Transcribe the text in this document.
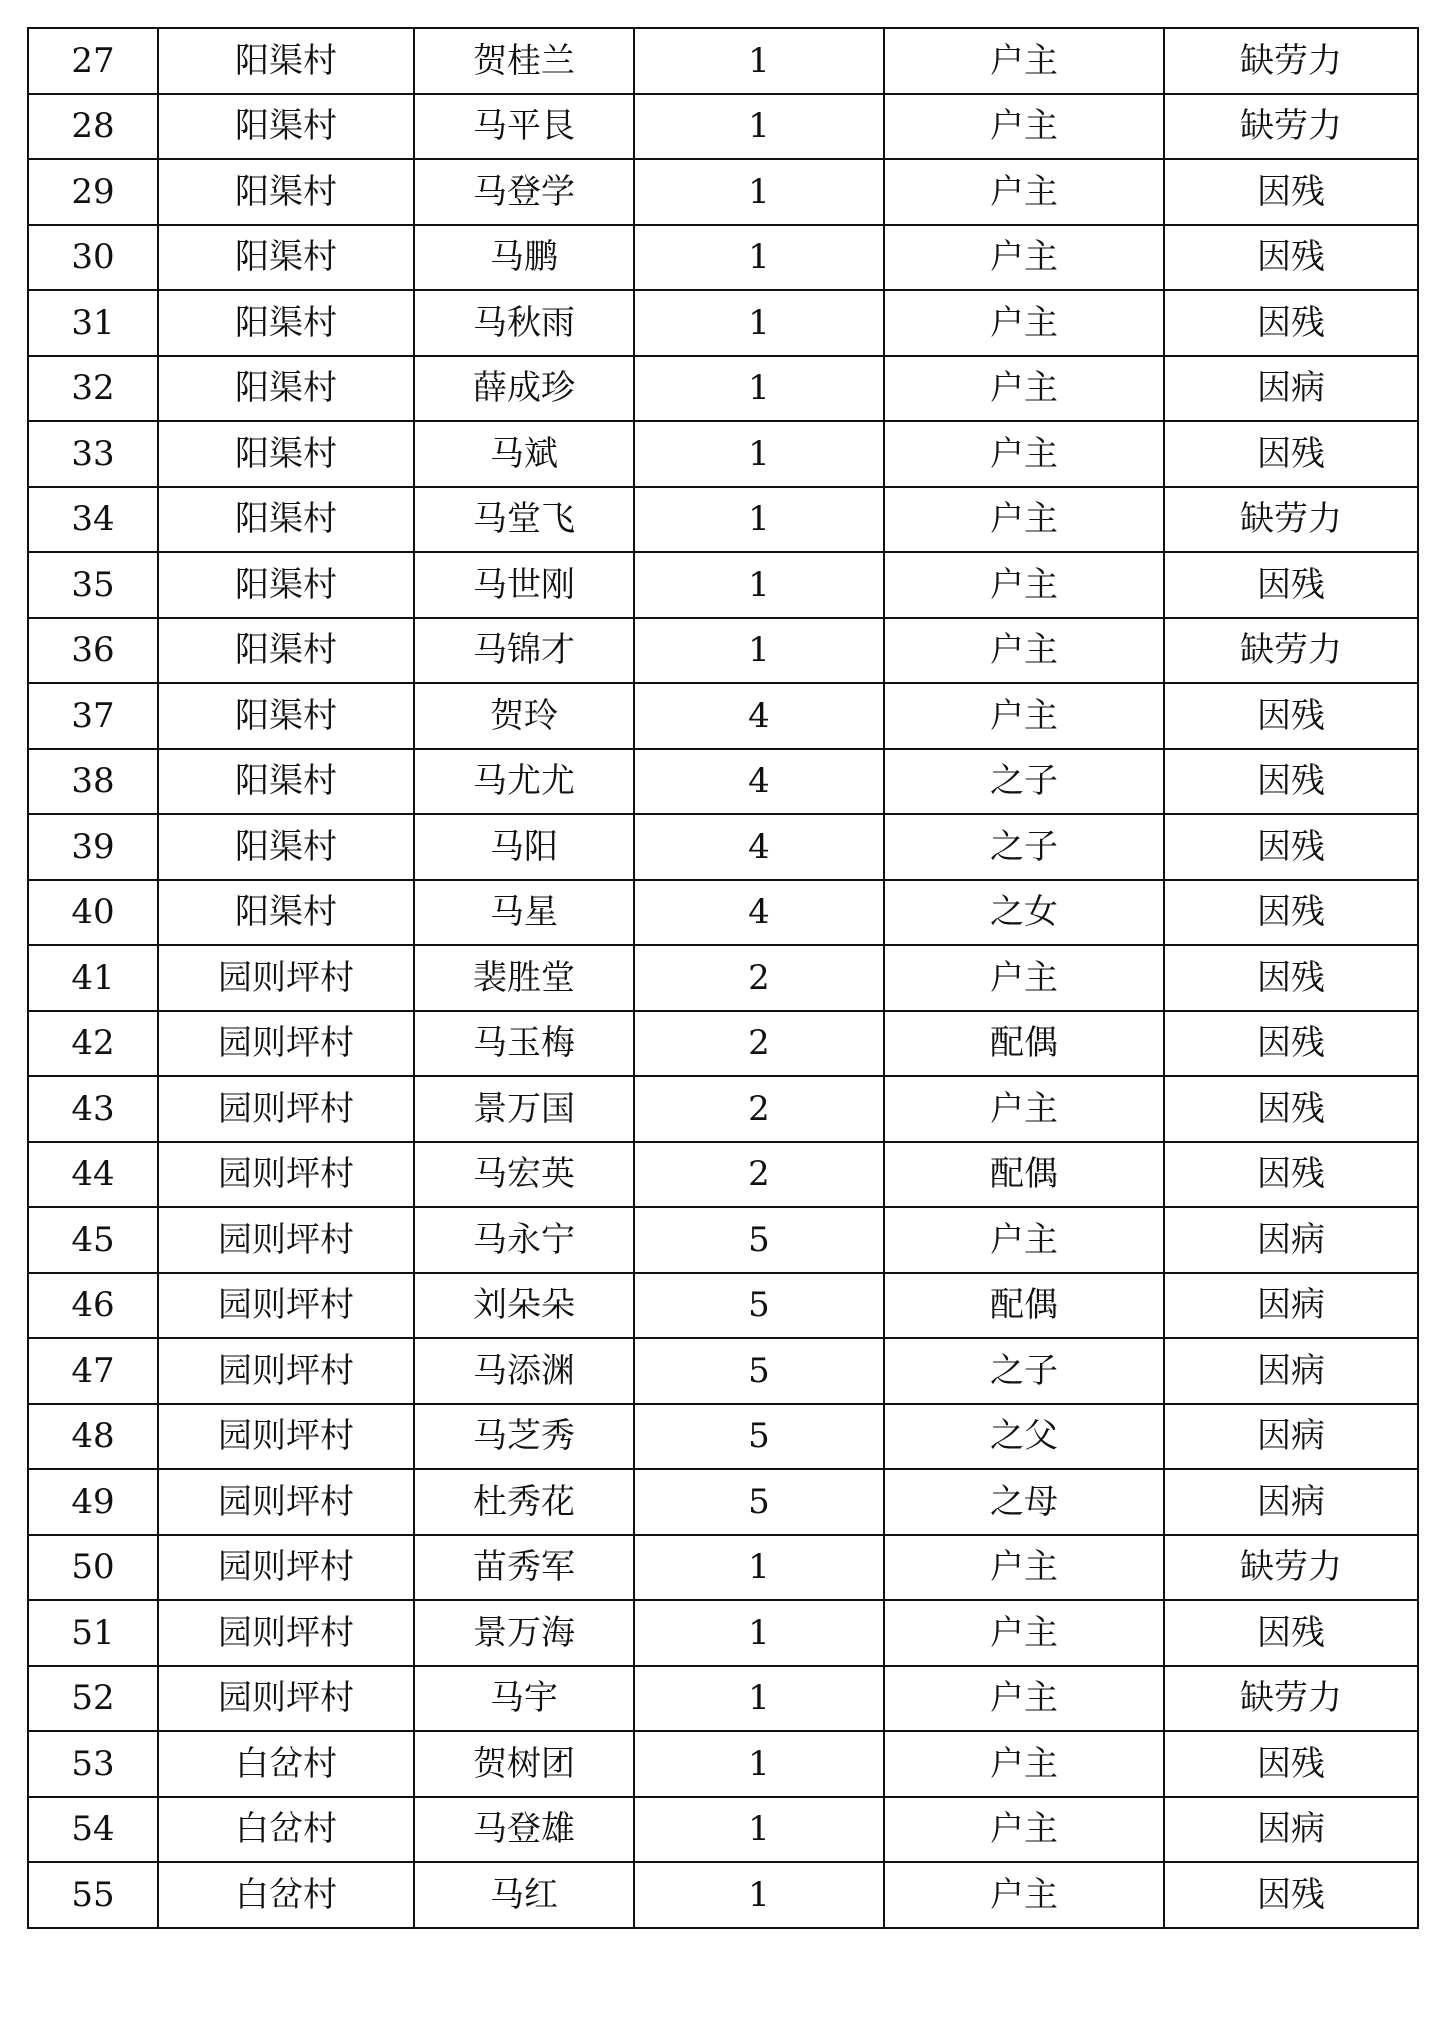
27	阳渠村	贺桂兰	1	户主	缺劳力
28	阳渠村	马平艮	1	户主	缺劳力
29	阳渠村	马登学	1	户主	因残
30	阳渠村	马鹏	1	户主	因残
31	阳渠村	马秋雨	1	户主	因残
32	阳渠村	薛成珍	1	户主	因病
33	阳渠村	马斌	1	户主	因残
34	阳渠村	马堂飞	1	户主	缺劳力
35	阳渠村	马世刚	1	户主	因残
36	阳渠村	马锦才	1	户主	缺劳力
37	阳渠村	贺玲	4	户主	因残
38	阳渠村	马尤尤	4	之子	因残
39	阳渠村	马阳	4	之子	因残
40	阳渠村	马星	4	之女	因残
41	园则坪村	裴胜堂	2	户主	因残
42	园则坪村	马玉梅	2	配偶	因残
43	园则坪村	景万国	2	户主	因残
44	园则坪村	马宏英	2	配偶	因残
45	园则坪村	马永宁	5	户主	因病
46	园则坪村	刘朵朵	5	配偶	因病
47	园则坪村	马添渊	5	之子	因病
48	园则坪村	马芝秀	5	之父	因病
49	园则坪村	杜秀花	5	之母	因病
50	园则坪村	苗秀军	1	户主	缺劳力
51	园则坪村	景万海	1	户主	因残
52	园则坪村	马宇	1	户主	缺劳力
53	白岔村	贺树团	1	户主	因残
54	白岔村	马登雄	1	户主	因病
55	白岔村	马红	1	户主	因残
